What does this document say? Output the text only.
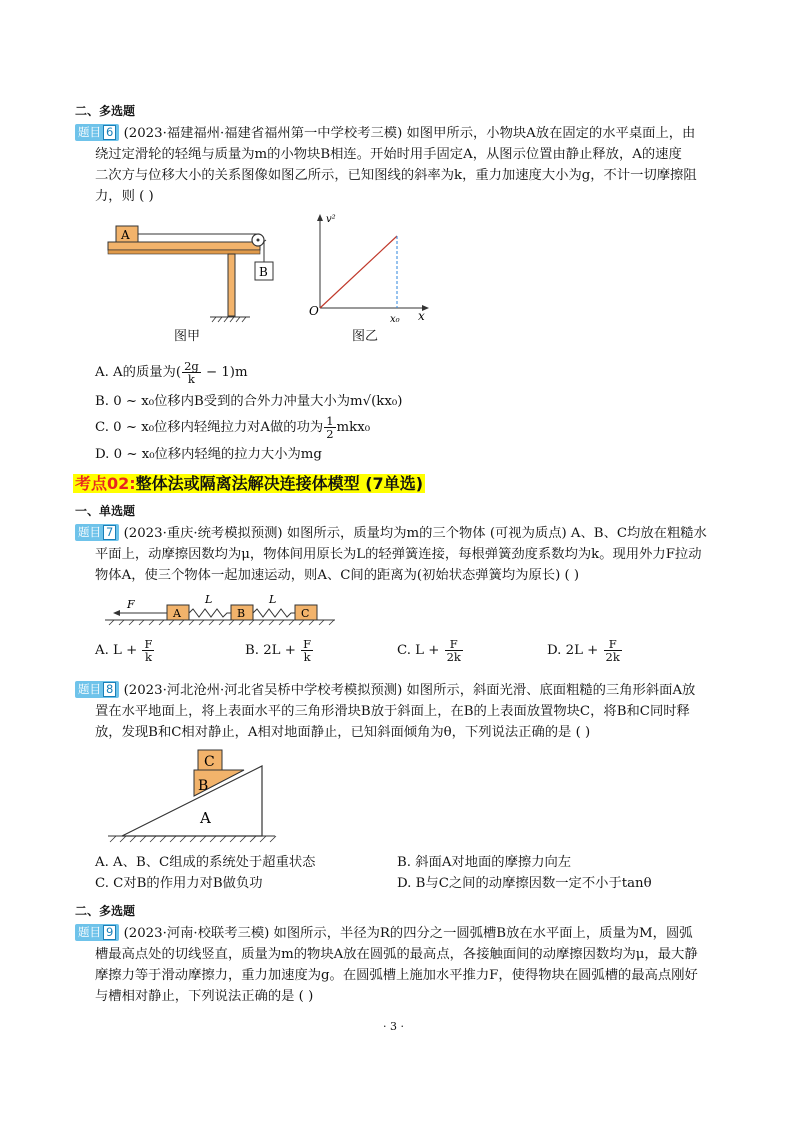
二、多选题
题目 6 (2023·福建福州·福建省福州第一中学校考三模) 如图甲所示，小物块A放在固定的水平桌面上，由
绕过定滑轮的轻绳与质量为m的小物块B相连。开始时用手固定A，从图示位置由静止释放，A的速度
二次方与位移大小的关系图像如图乙所示，已知图线的斜率为k，重力加速度大小为g，不计一切摩擦阻
力，则 ( )
A
B
图甲
v²
x
O
x₀
图乙
A. A的质量为( $\frac{2g}{k} - 1)m$
B. 0 ~ x₀位移内B受到的合外力冲量大小为m√(kx₀)
C. 0 ~ x₀位移内轻绳拉力对A做的功为 $\frac{1}{2} mkx_0$
D. 0 ~ x₀位移内轻绳的拉力大小为mg
考点02:整体法或隔离法解决连接体模型 (7单选)
一、单选题
题目 7 (2023·重庆·统考模拟预测) 如图所示，质量均为m的三个物体 (可视为质点) A、B、C均放在粗糙水
平面上，动摩擦因数均为μ，物体间用原长为L的轻弹簧连接，每根弹簧劲度系数均为k。现用外力F拉动
物体A，使三个物体一起加速运动，则A、C间的距离为(初始状态弹簧均为原长) ( )
F
A
L
B
L
C
A. $L + \frac{F}{k}$	B. $2L + \frac{F}{k}$	C. $L + \frac{F}{2k}$	D. $2L + \frac{F}{2k}$
题目 8 (2023·河北沧州·河北省吴桥中学校考模拟预测) 如图所示，斜面光滑、底面粗糙的三角形斜面A放
置在水平地面上，将上表面水平的三角形滑块B放于斜面上，在B的上表面放置物块C，将B和C同时释
放，发现B和C相对静止，A相对地面静止，已知斜面倾角为θ，下列说法正确的是 ( )
A
B
C
A. A、B、C组成的系统处于超重状态	B. 斜面A对地面的摩擦力向左
C. C对B的作用力对B做负功	D. B与C之间的动摩擦因数一定不小于tanθ
二、多选题
题目 9 (2023·河南·校联考三模) 如图所示，半径为R的四分之一圆弧槽B放在水平面上，质量为M，圆弧
槽最高点处的切线竖直，质量为m的物块A放在圆弧的最高点，各接触面间的动摩擦因数均为μ，最大静
摩擦力等于滑动摩擦力，重力加速度为g。在圆弧槽上施加水平推力F，使得物块在圆弧槽的最高点刚好
与槽相对静止，下列说法正确的是 ( )
· 3 ·
